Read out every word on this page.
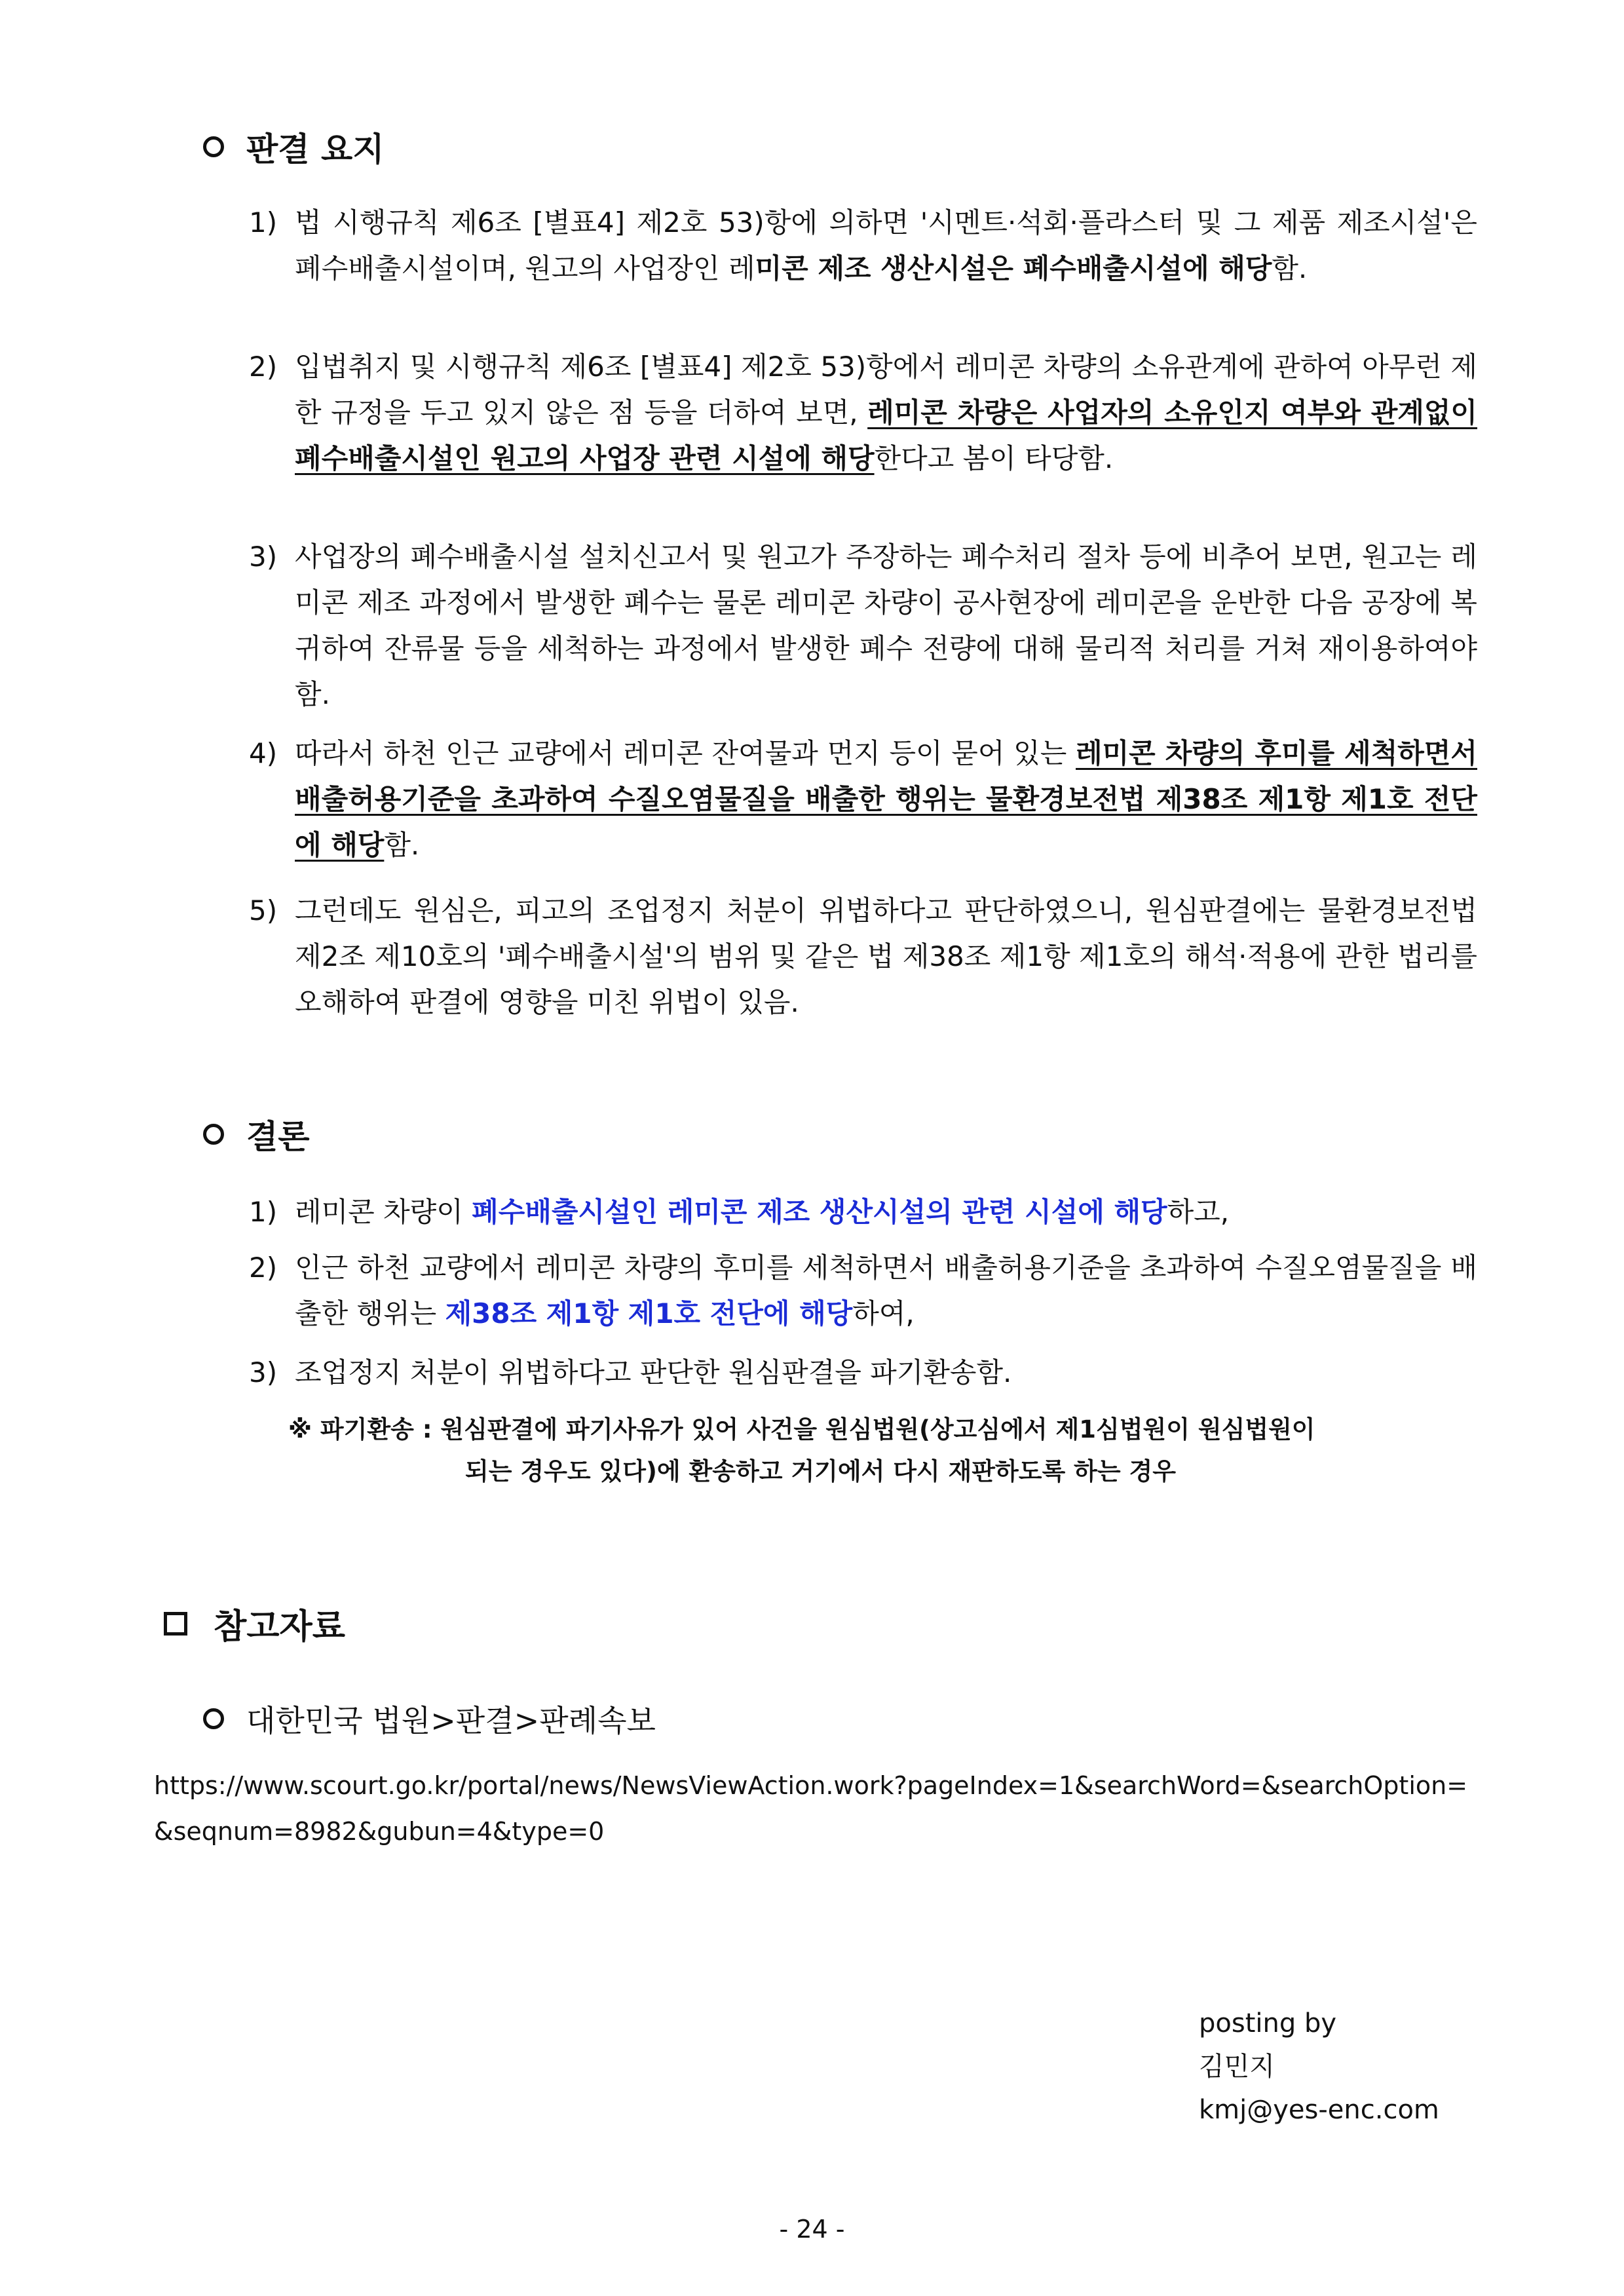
판결 요지
1) 법 시행규칙 제6조 [별표4] 제2호 53)항에 의하면 '시멘트·석회·플라스터 및 그 제품 제조시설'은 폐수배출시설이며, 원고의 사업장인 레미콘 제조 생산시설은 폐수배출시설에 해당함.
2) 입법취지 및 시행규칙 제6조 [별표4] 제2호 53)항에서 레미콘 차량의 소유관계에 관하여 아무런 제한 규정을 두고 있지 않은 점 등을 더하여 보면, 레미콘 차량은 사업자의 소유인지 여부와 관계없이 폐수배출시설인 원고의 사업장 관련 시설에 해당한다고 봄이 타당함.
3) 사업장의 폐수배출시설 설치신고서 및 원고가 주장하는 폐수처리 절차 등에 비추어 보면, 원고는 레미콘 제조 과정에서 발생한 폐수는 물론 레미콘 차량이 공사현장에 레미콘을 운반한 다음 공장에 복귀하여 잔류물 등을 세척하는 과정에서 발생한 폐수 전량에 대해 물리적 처리를 거쳐 재이용하여야 함.
4) 따라서 하천 인근 교량에서 레미콘 잔여물과 먼지 등이 묻어 있는 레미콘 차량의 후미를 세척하면서 배출허용기준을 초과하여 수질오염물질을 배출한 행위는 물환경보전법 제38조 제1항 제1호 전단에 해당함.
5) 그런데도 원심은, 피고의 조업정지 처분이 위법하다고 판단하였으니, 원심판결에는 물환경보전법 제2조 제10호의 '폐수배출시설'의 범위 및 같은 법 제38조 제1항 제1호의 해석·적용에 관한 법리를 오해하여 판결에 영향을 미친 위법이 있음.
결론
1) 레미콘 차량이 폐수배출시설인 레미콘 제조 생산시설의 관련 시설에 해당하고,
2) 인근 하천 교량에서 레미콘 차량의 후미를 세척하면서 배출허용기준을 초과하여 수질오염물질을 배출한 행위는 제38조 제1항 제1호 전단에 해당하여,
3) 조업정지 처분이 위법하다고 판단한 원심판결을 파기환송함.
※ 파기환송 : 원심판결에 파기사유가 있어 사건을 원심법원(상고심에서 제1심법원이 원심법원이
되는 경우도 있다)에 환송하고 거기에서 다시 재판하도록 하는 경우
참고자료
대한민국 법원>판결>판례속보
https://www.scourt.go.kr/portal/news/NewsViewAction.work?pageIndex=1&searchWord=&searchOption=
&seqnum=8982&gubun=4&type=0
posting by
김민지
kmj@yes-enc.com
- 24 -
